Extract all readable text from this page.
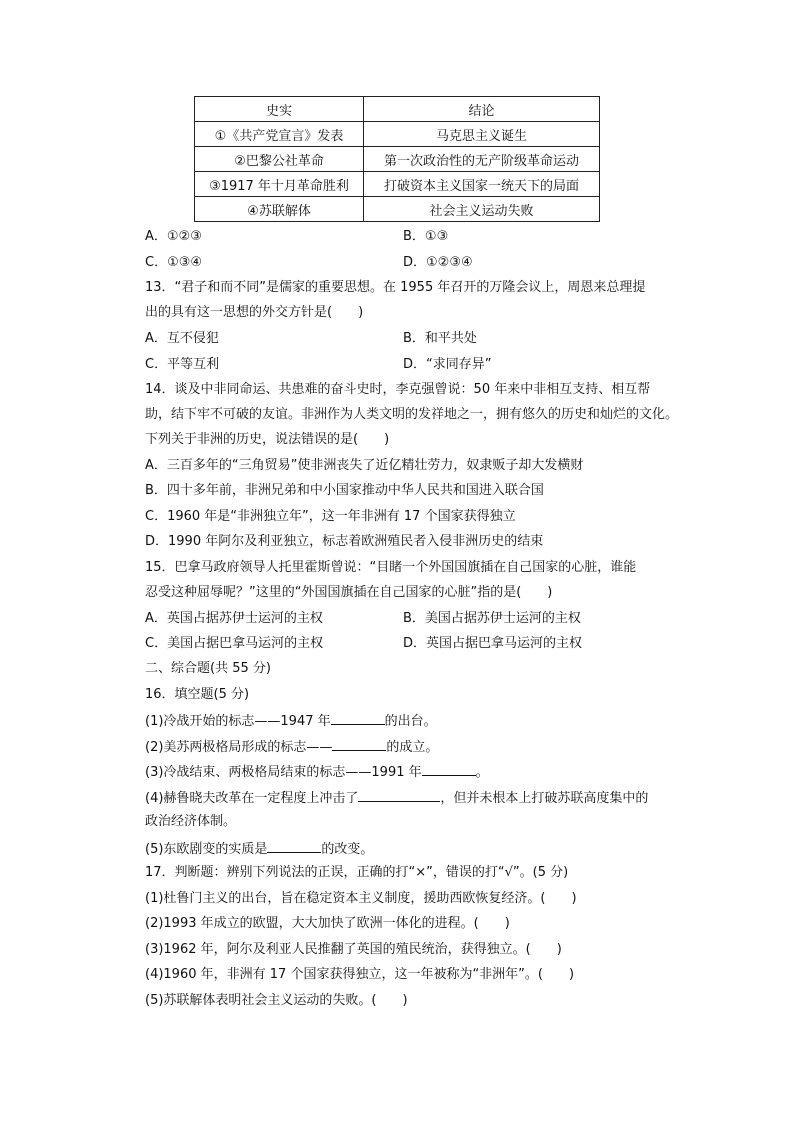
史实	结论
①《共产党宣言》发表	马克思主义诞生
②巴黎公社革命	第一次政治性的无产阶级革命运动
③1917 年十月革命胜利	打破资本主义国家一统天下的局面
④苏联解体	社会主义运动失败
A．①②③	B．①③
C．①③④	D．①②③④
13．“君子和而不同”是儒家的重要思想。在 1955 年召开的万隆会议上，周恩来总理提
出的具有这一思想的外交方针是(　　)
A．互不侵犯	B．和平共处
C．平等互利	D．“求同存异”
14．谈及中非同命运、共患难的奋斗史时，李克强曾说：50 年来中非相互支持、相互帮
助，结下牢不可破的友谊。非洲作为人类文明的发祥地之一，拥有悠久的历史和灿烂的文化。
下列关于非洲的历史，说法错误的是(　　)
A．三百多年的“三角贸易”使非洲丧失了近亿精壮劳力，奴隶贩子却大发横财
B．四十多年前，非洲兄弟和中小国家推动中华人民共和国进入联合国
C．1960 年是“非洲独立年”，这一年非洲有 17 个国家获得独立
D．1990 年阿尔及利亚独立，标志着欧洲殖民者入侵非洲历史的结束
15．巴拿马政府领导人托里霍斯曾说：“目睹一个外国国旗插在自己国家的心脏，谁能
忍受这种屈辱呢？”这里的“外国国旗插在自己国家的心脏”指的是(　　)
A．英国占据苏伊士运河的主权	B．美国占据苏伊士运河的主权
C．美国占据巴拿马运河的主权	D．英国占据巴拿马运河的主权
二、综合题(共 55 分)
16．填空题(5 分)
(1)冷战开始的标志——1947 年	的出台。
(2)美苏两极格局形成的标志——	的成立。
(3)冷战结束、两极格局结束的标志——1991 年	。
(4)赫鲁晓夫改革在一定程度上冲击了	，但并未根本上打破苏联高度集中的
政治经济体制。
(5)东欧剧变的实质是	的改变。
17．判断题：辨别下列说法的正误，正确的打“×”，错误的打“√”。(5 分)
(1)杜鲁门主义的出台，旨在稳定资本主义制度，援助西欧恢复经济。(　　)
(2)1993 年成立的欧盟，大大加快了欧洲一体化的进程。(　　)
(3)1962 年，阿尔及利亚人民推翻了英国的殖民统治，获得独立。(　　)
(4)1960 年，非洲有 17 个国家获得独立，这一年被称为“非洲年”。(　　)
(5)苏联解体表明社会主义运动的失败。(　　)
